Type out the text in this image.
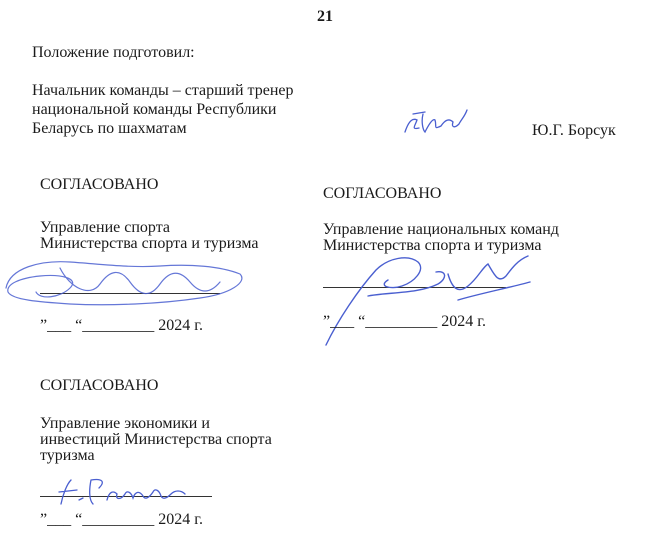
21
Положение подготовил:
Начальник команды – старший тренер
национальной команды Республики
Беларусь по шахматам	Ю.Г. Борсук
СОГЛАСОВАНО
Управление спорта
Министерства спорта и туризма
”___ “_________ 2024 г.
СОГЛАСОВАНО
Управление национальных команд
Министерства спорта и туризма
”___ “_________ 2024 г.
СОГЛАСОВАНО
Управление экономики и
инвестиций Министерства спорта
туризма
”___ “_________ 2024 г.
